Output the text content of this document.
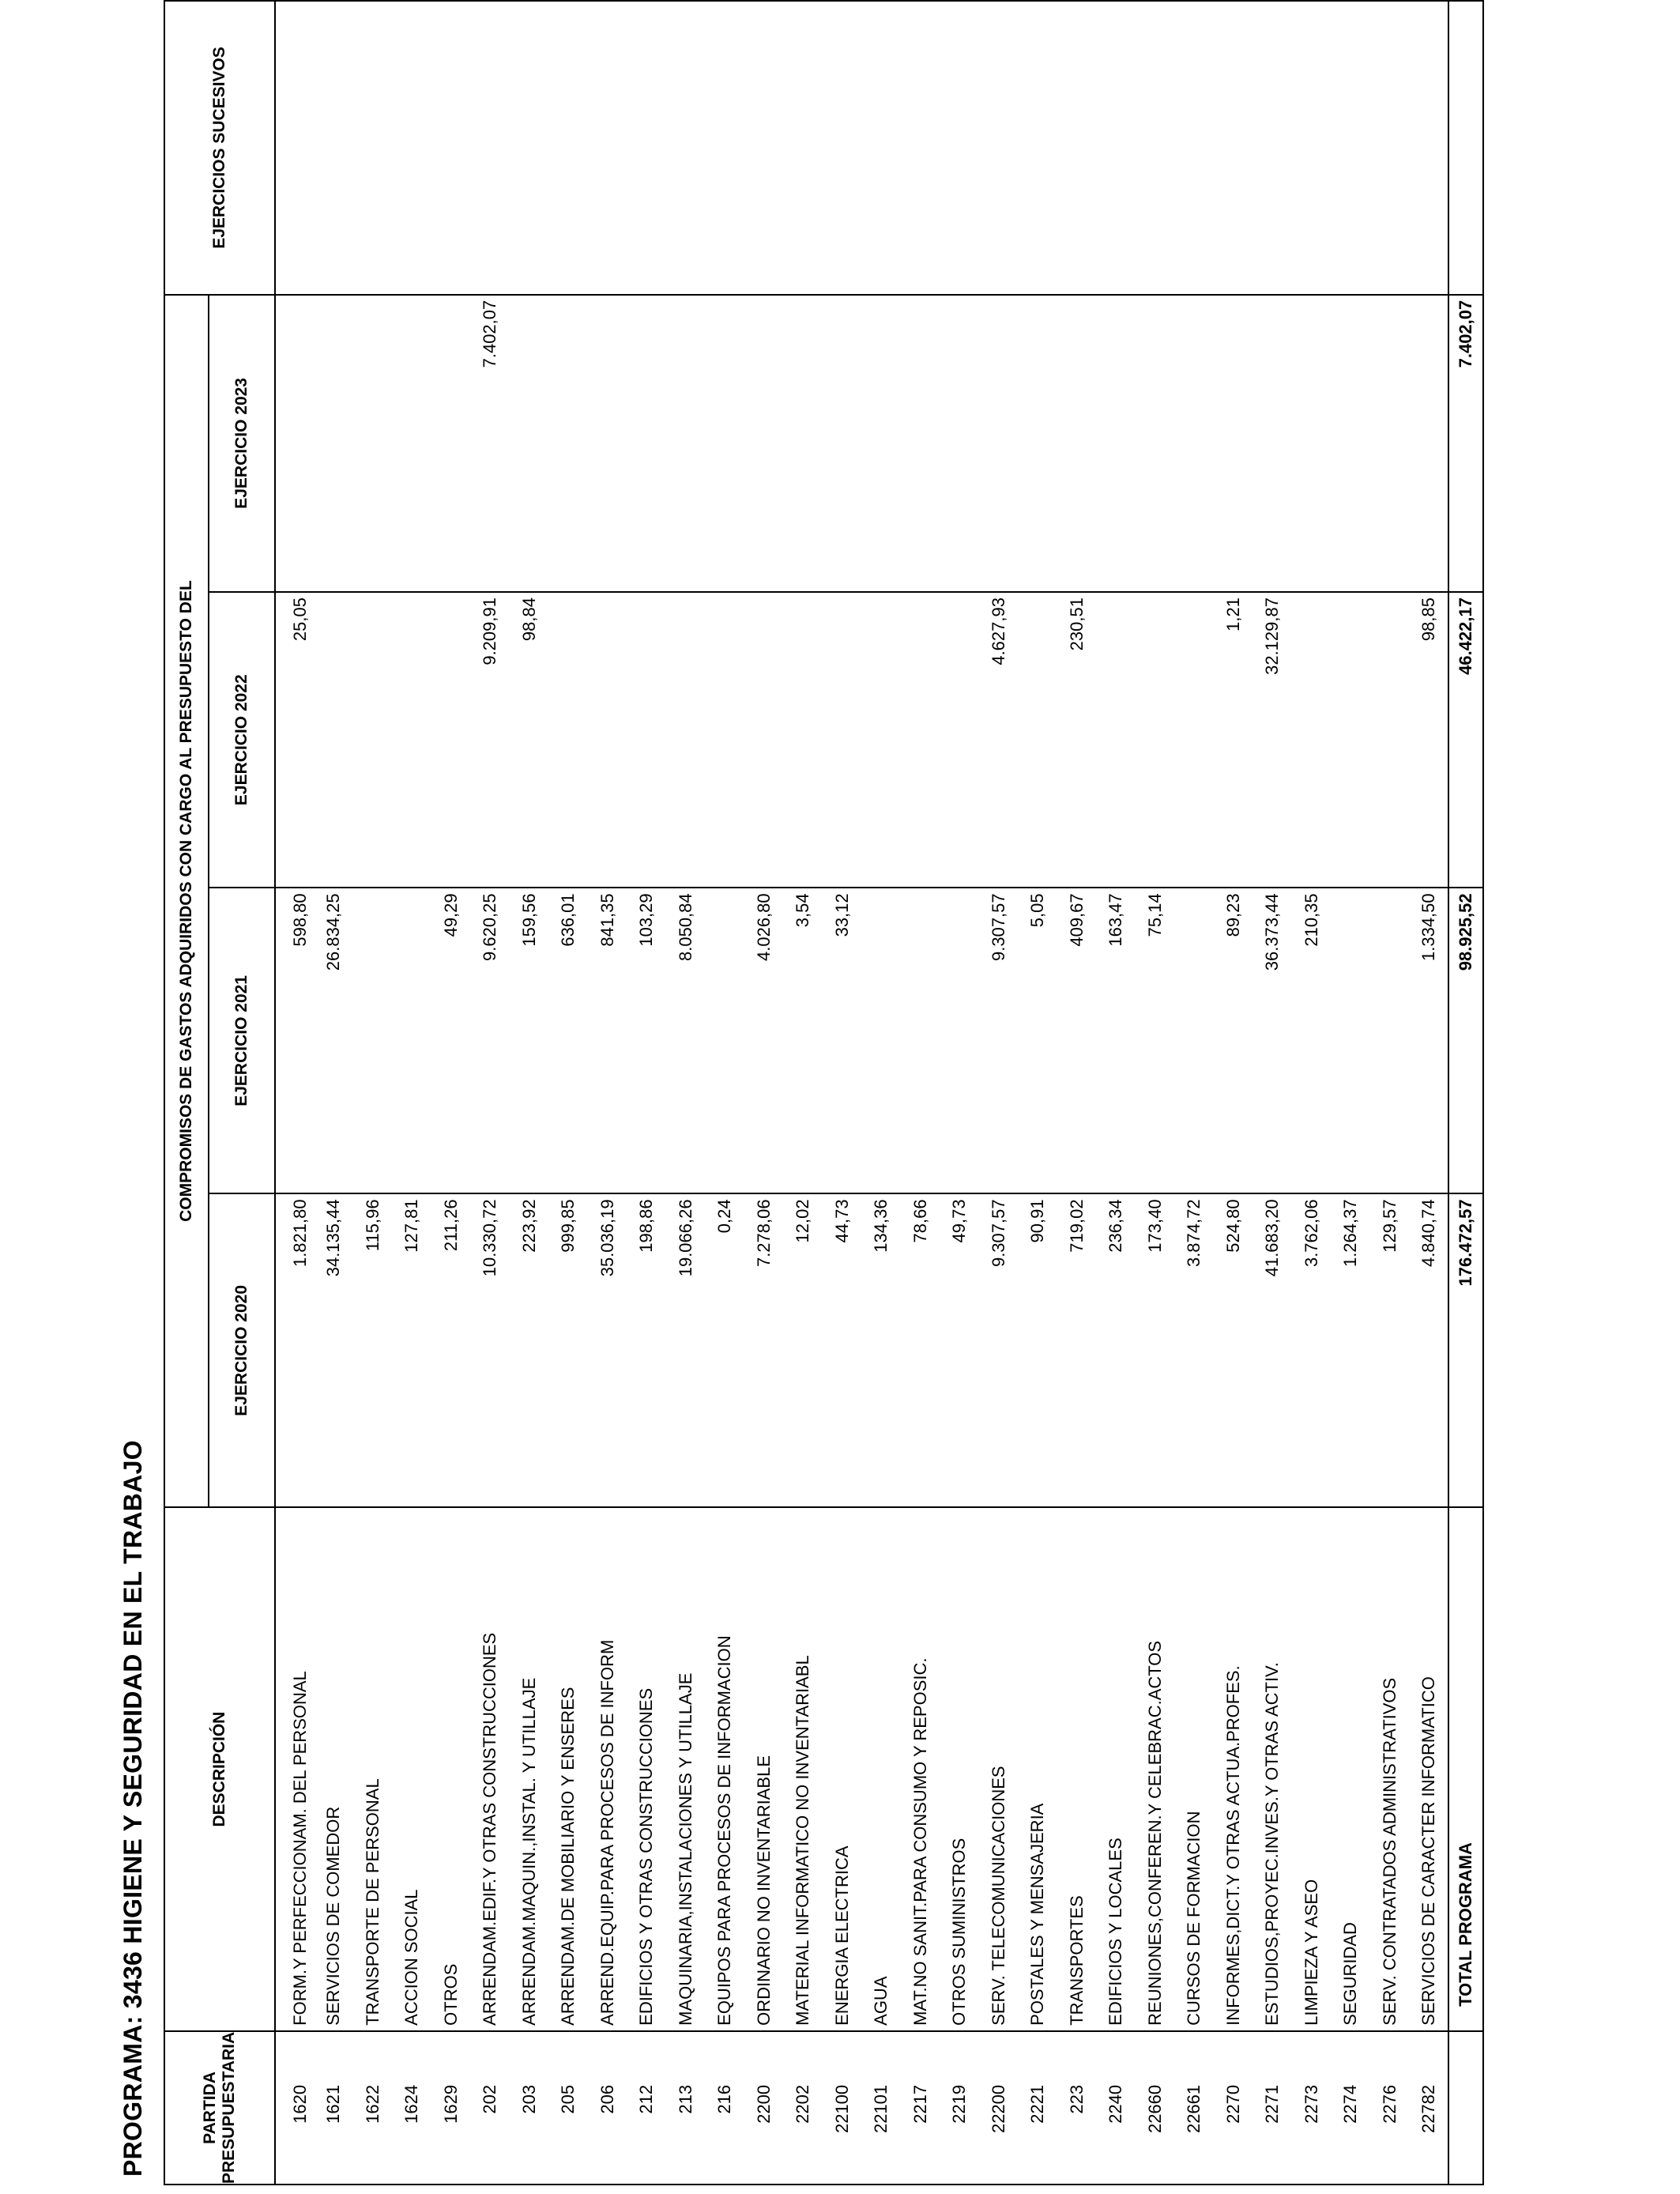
PROGRAMA: 3436 HIGIENE Y SEGURIDAD EN EL TRABAJO	PARTIDA PRESUPUESTARIA	DESCRIPCIÓN	COMPROMISOS DE GASTOS ADQUIRIDOS CON CARGO AL PRESUPUESTO DEL				EJERCICIOS SUCESIVOS
		EJERCICIO 2020	EJERCICIO 2021	EJERCICIO 2022	EJERCICIO 2023	
1620	FORM.Y PERFECCIONAM. DEL PERSONAL	1.821,80	598,80	25,05		
1621	SERVICIOS DE COMEDOR	34.135,44	26.834,25			
1622	TRANSPORTE DE PERSONAL	115,96				
1624	ACCION SOCIAL	127,81				
1629	OTROS	211,26	49,29			
202	ARRENDAM.EDIF.Y OTRAS CONSTRUCCIONES	10.330,72	9.620,25	9.209,91	7.402,07	
203	ARRENDAM.MAQUIN.,INSTAL. Y UTILLAJE	223,92	159,56	98,84		
205	ARRENDAM.DE MOBILIARIO Y ENSERES	999,85	636,01			
206	ARREND.EQUIP.PARA PROCESOS DE INFORM	35.036,19	841,35			
212	EDIFICIOS Y OTRAS CONSTRUCCIONES	198,86	103,29			
213	MAQUINARIA,INSTALACIONES Y UTILLAJE	19.066,26	8.050,84			
216	EQUIPOS PARA PROCESOS DE INFORMACION	0,24				
2200	ORDINARIO NO INVENTARIABLE	7.278,06	4.026,80			
2202	MATERIAL INFORMATICO NO INVENTARIABL	12,02	3,54			
22100	ENERGIA ELECTRICA	44,73	33,12			
22101	AGUA	134,36				
2217	MAT.NO SANIT.PARA CONSUMO Y REPOSIC.	78,66				
2219	OTROS SUMINISTROS	49,73				
22200	SERV. TELECOMUNICACIONES	9.307,57	9.307,57	4.627,93		
2221	POSTALES Y MENSAJERIA	90,91	5,05			
223	TRANSPORTES	719,02	409,67	230,51		
2240	EDIFICIOS Y LOCALES	236,34	163,47			
22660	REUNIONES,CONFEREN.Y CELEBRAC.ACTOS	173,40	75,14			
22661	CURSOS DE FORMACION	3.874,72				
2270	INFORMES,DICT.Y OTRAS ACTUA.PROFES.	524,80	89,23	1,21		
2271	ESTUDIOS,PROYEC.INVES.Y OTRAS ACTIV.	41.683,20	36.373,44	32.129,87		
2273	LIMPIEZA Y ASEO	3.762,06	210,35			
2274	SEGURIDAD	1.264,37				
2276	SERV. CONTRATADOS ADMINISTRATIVOS	129,57				
22782	SERVICIOS DE CARACTER INFORMATICO	4.840,74	1.334,50	98,85		
	TOTAL PROGRAMA	176.472,57	98.925,52	46.422,17	7.402,07	
